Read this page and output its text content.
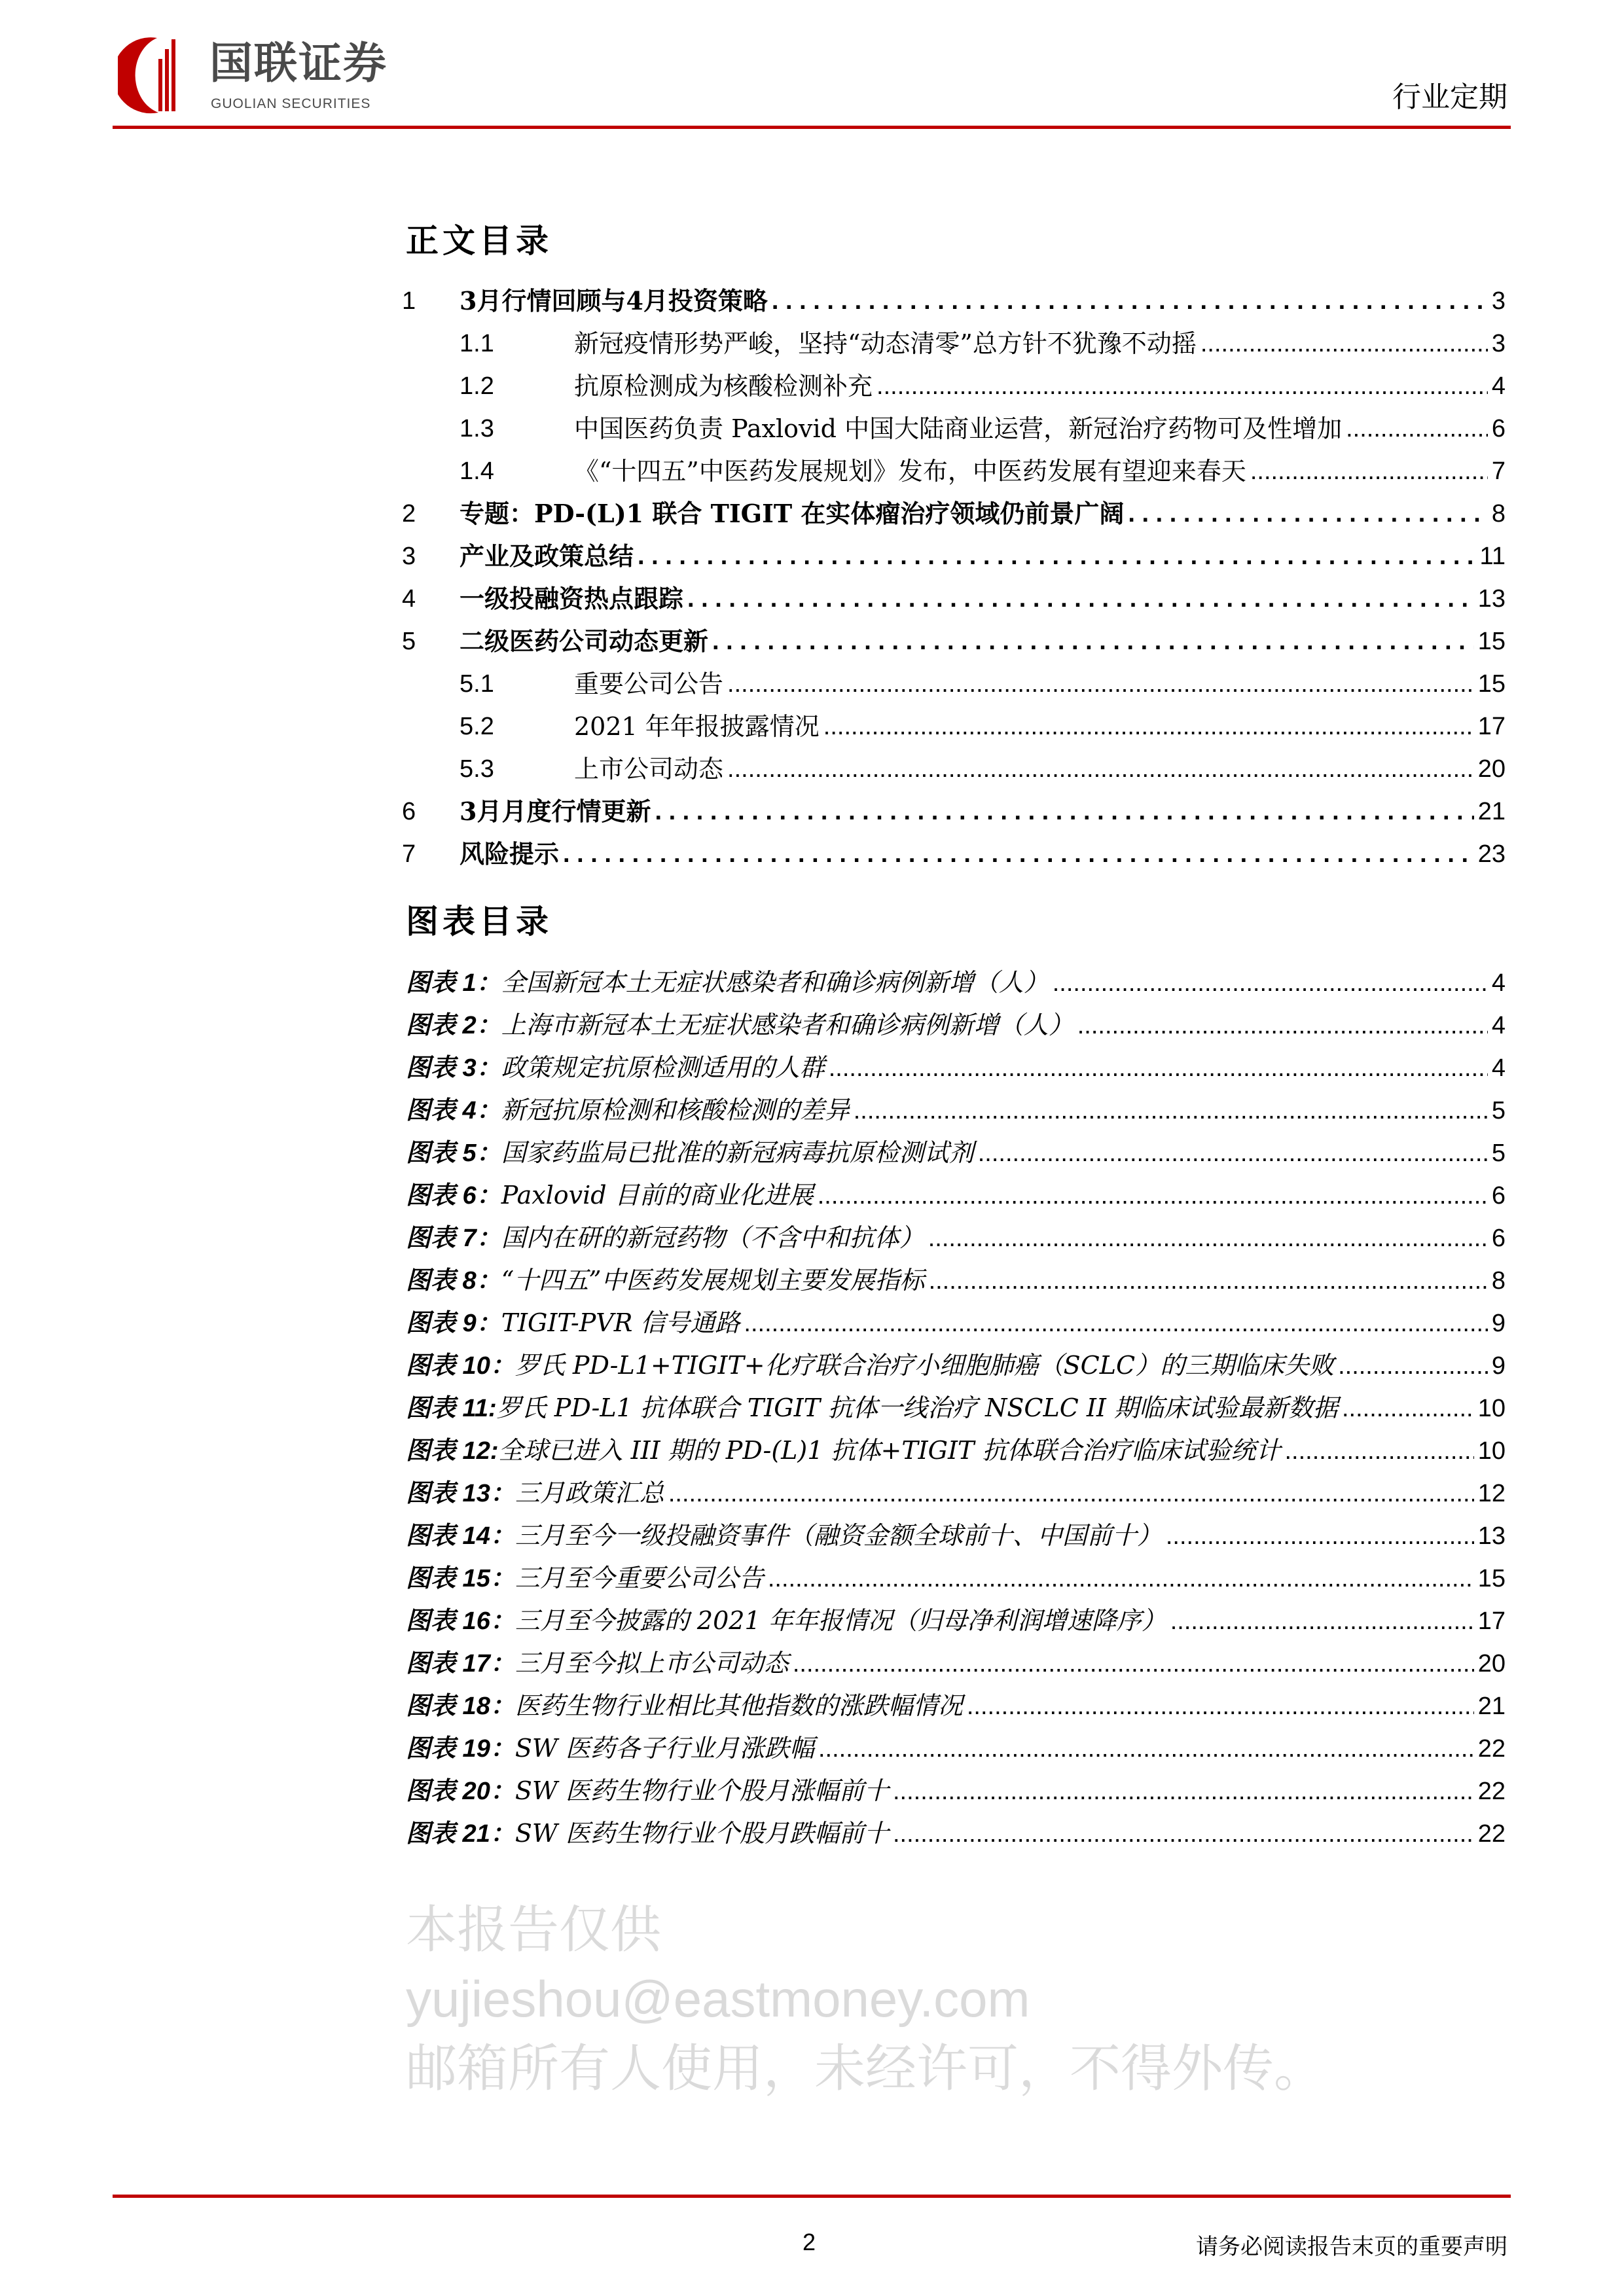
国联证券
GUOLIAN SECURITIES	行业定期
正文目录
1	3月行情回顾与4月投资策略 . . .	3
1.1	新冠疫情形势严峻，坚持“动态清零”总方针不犹豫不动摇 .....	3
1.2	抗原检测成为核酸检测补充 .....	4
1.3	中国医药负责 Paxlovid 中国大陆商业运营，新冠治疗药物可及性增加 .....	6
1.4	《“十四五”中医药发展规划》发布，中医药发展有望迎来春天 .....	7
2	专题：PD-(L)1 联合 TIGIT 在实体瘤治疗领域仍前景广阔 . . .	8
3	产业及政策总结 . . .	11
4	一级投融资热点跟踪 . . .	13
5	二级医药公司动态更新 . . .	15
5.1	重要公司公告 .....	15
5.2	2021 年年报披露情况 .....	17
5.3	上市公司动态 .....	20
6	3月月度行情更新 . . .	21
7	风险提示 . . .	23
图表目录
图表 1：全国新冠本土无症状感染者和确诊病例新增（人） .....	4
图表 2：上海市新冠本土无症状感染者和确诊病例新增（人） .....	4
图表 3：政策规定抗原检测适用的人群 .....	4
图表 4：新冠抗原检测和核酸检测的差异 .....	5
图表 5：国家药监局已批准的新冠病毒抗原检测试剂 .....	5
图表 6：Paxlovid 目前的商业化进展 .....	6
图表 7：国内在研的新冠药物（不含中和抗体） .....	6
图表 8：“十四五”中医药发展规划主要发展指标 .....	8
图表 9：TIGIT-PVR 信号通路 .....	9
图表 10：罗氏 PD-L1+TIGIT+化疗联合治疗小细胞肺癌（SCLC）的三期临床失败 .....	9
图表 11:罗氏 PD-L1 抗体联合 TIGIT 抗体一线治疗 NSCLC II 期临床试验最新数据 .....	10
图表 12:全球已进入 III 期的 PD-(L)1 抗体+TIGIT 抗体联合治疗临床试验统计 .....	10
图表 13：三月政策汇总 .....	12
图表 14：三月至今一级投融资事件（融资金额全球前十、中国前十） .....	13
图表 15：三月至今重要公司公告 .....	15
图表 16：三月至今披露的 2021 年年报情况（归母净利润增速降序） .....	17
图表 17：三月至今拟上市公司动态 .....	20
图表 18：医药生物行业相比其他指数的涨跌幅情况 .....	21
图表 19：SW 医药各子行业月涨跌幅 .....	22
图表 20：SW 医药生物行业个股月涨幅前十 .....	22
图表 21：SW 医药生物行业个股月跌幅前十 .....	22
本报告仅供
yujieshou@eastmoney.com
邮箱所有人使用，未经许可，不得外传。
2	请务必阅读报告末页的重要声明
